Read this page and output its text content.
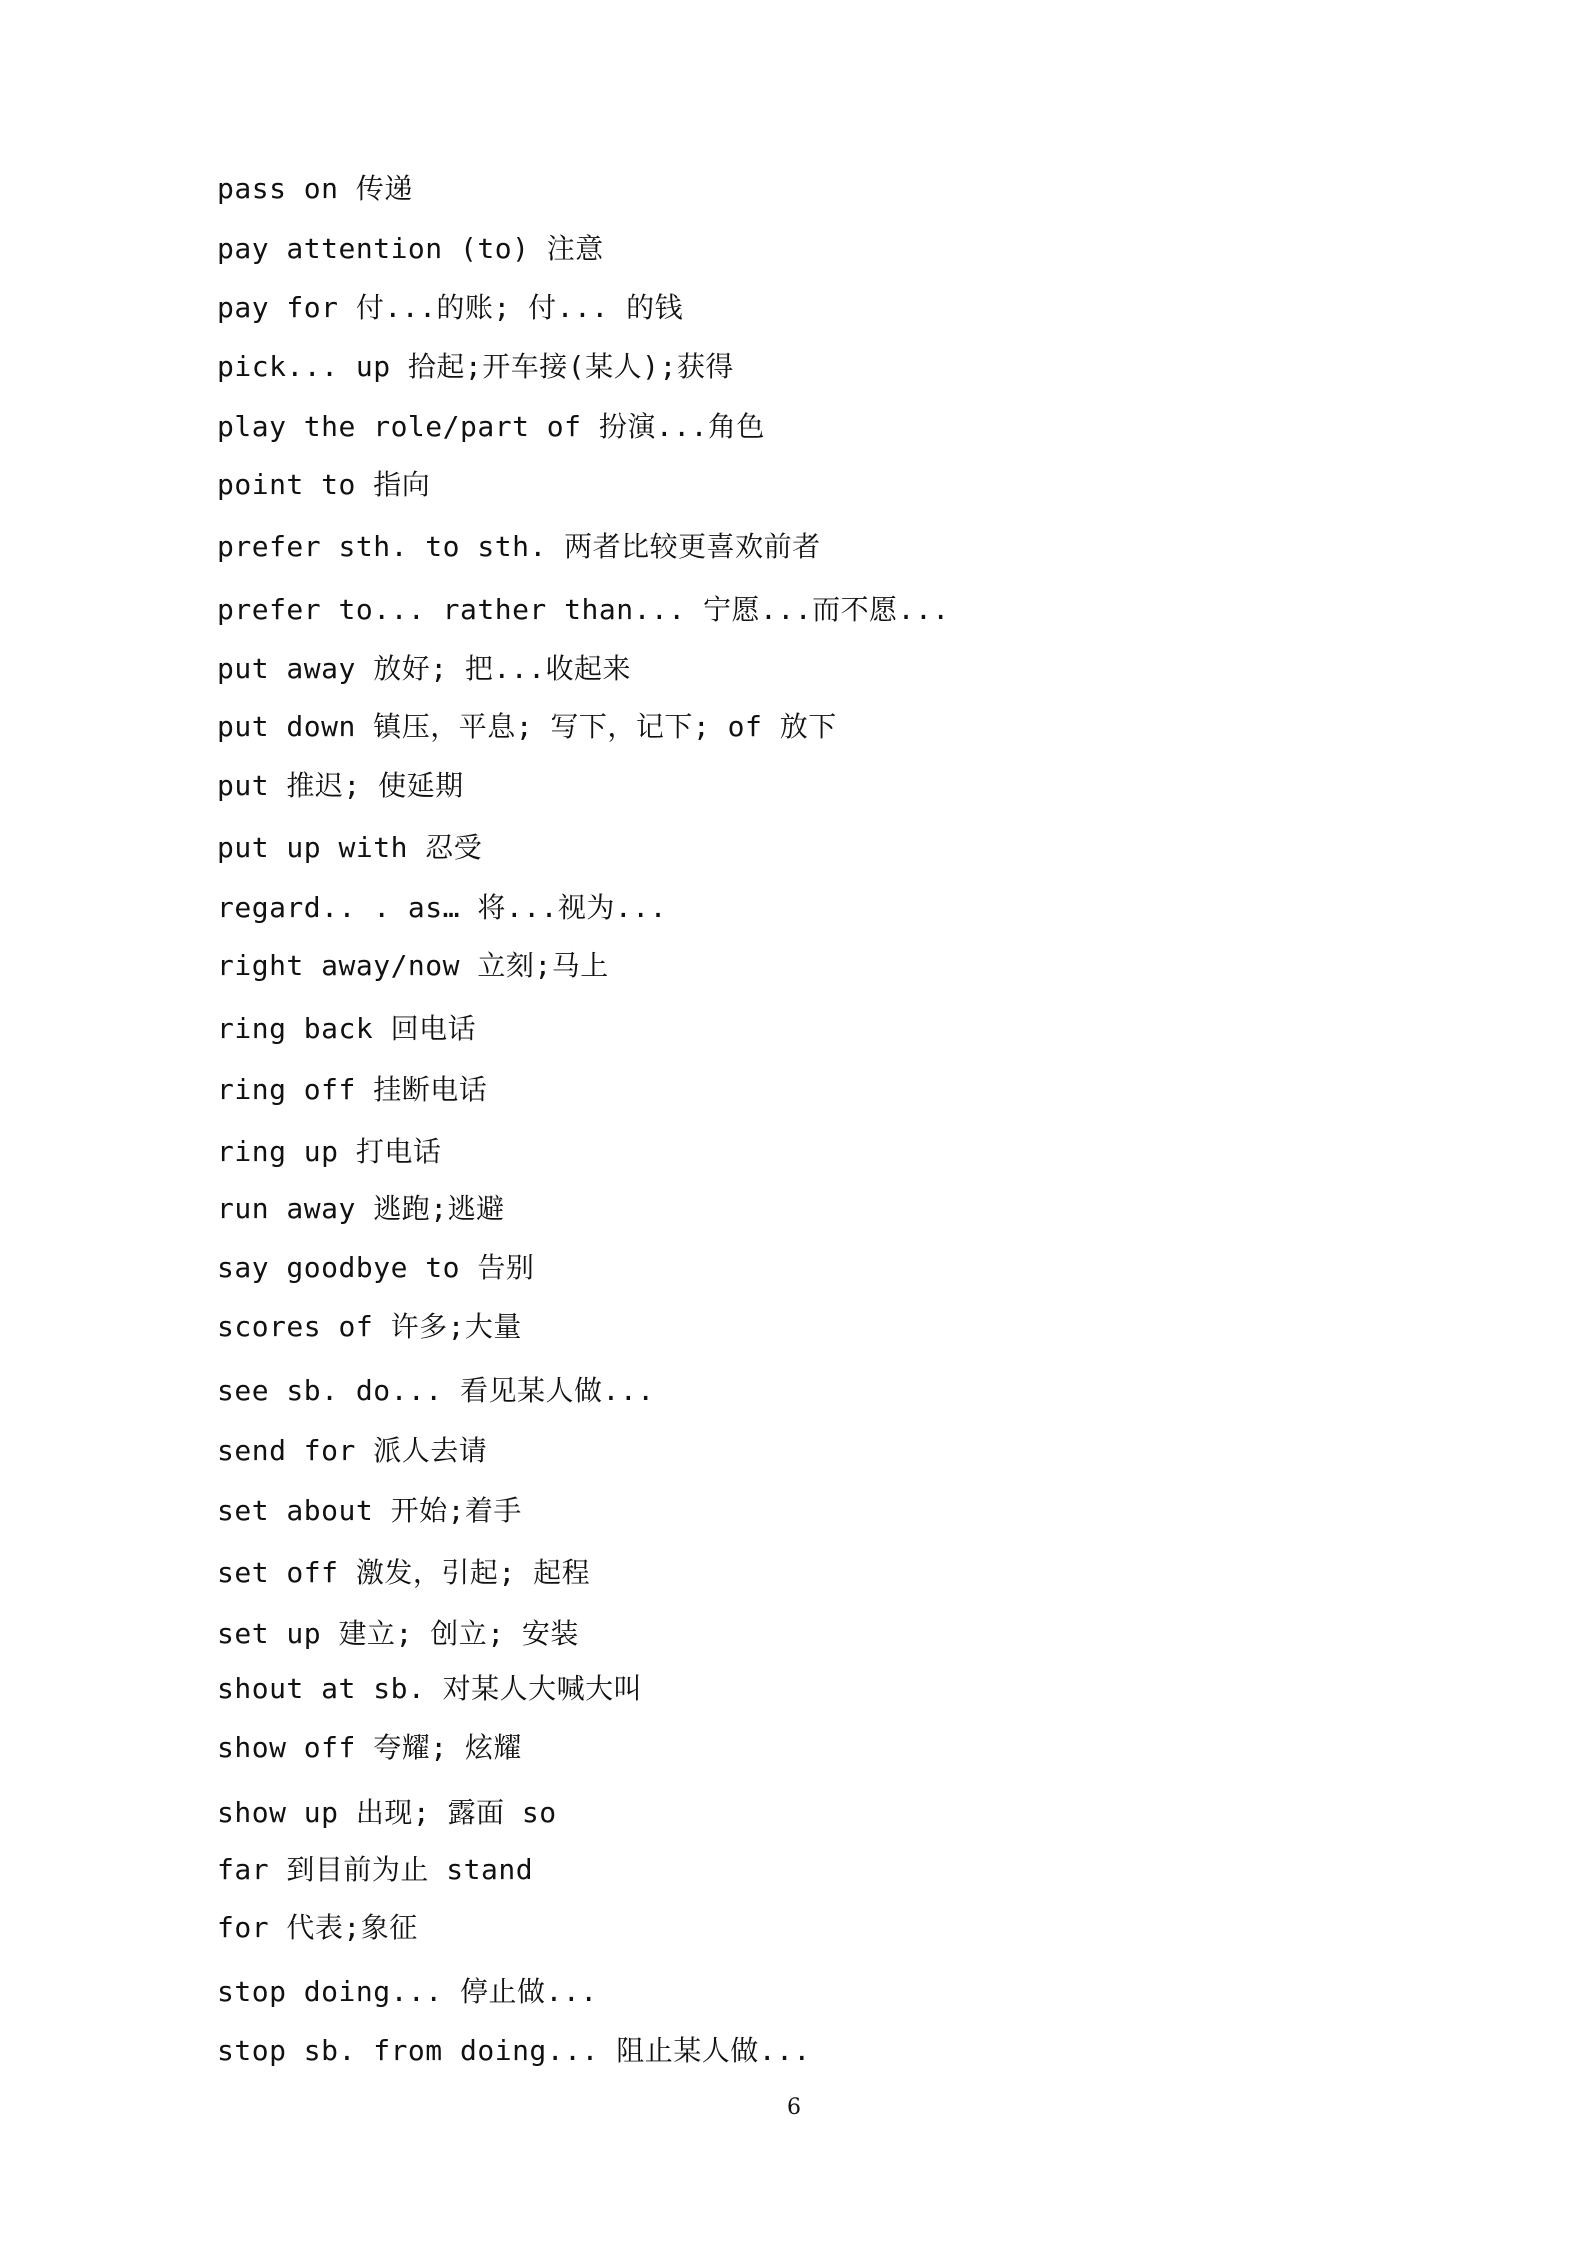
pass on 传递
pay attention (to) 注意
pay for 付...的账; 付... 的钱
pick... up 拾起;开车接(某人);获得
play the role/part of 扮演...角色
point to 指向
prefer sth. to sth. 两者比较更喜欢前者
prefer to... rather than... 宁愿...而不愿...
put away 放好; 把...收起来
put down 镇压，平息; 写下，记下; of 放下
put 推迟; 使延期
put up with 忍受
regard.. . as… 将...视为...
right away/now 立刻;马上
ring back 回电话
ring off 挂断电话
ring up 打电话
run away 逃跑;逃避
say goodbye to 告别
scores of 许多;大量
see sb. do... 看见某人做...
send for 派人去请
set about 开始;着手
set off 激发，引起; 起程
set up 建立; 创立; 安装
shout at sb. 对某人大喊大叫
show off 夸耀; 炫耀
show up 出现; 露面 so
far 到目前为止 stand
for 代表;象征
stop doing... 停止做...
stop sb. from doing... 阻止某人做...
6
